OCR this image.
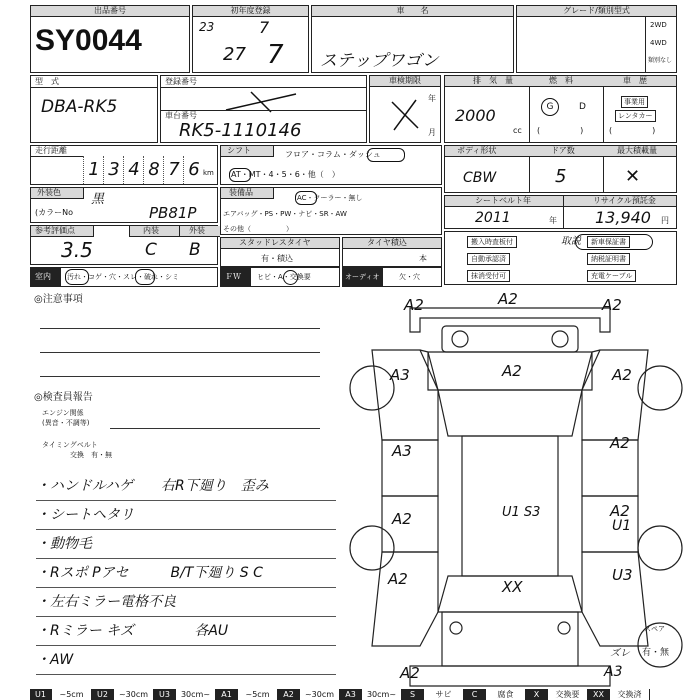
出品番号
SY0044
初年度登録
23	7
27 7
車　　名
ステップワゴン
グレード/類別型式
2WD
4WD
類別なし
型　式
DBA-RK5
登録番号
車台番号
RK5-1110146
車検期限
年
月
排　気　量	燃　料	車　歴
2000
cc
G	D
(　　　　　)
事業用
レンタカー
(　　　　　)
走行距離
1 3 4 8 7 6 km
シフト	フロア・コラム・ダッシュ
AT・MT・4・5・6・他（　）
ボディ形状	ドア数	最大積載量
CBW	5	✕
外装色 黒
(カラーNo	PB81P
装備品
AC・クーラー・無し
エアバッグ・PS・PW・ナビ・SR・AW
その他（　　　　　）
シートベルト年	リサイクル預託金
2011	年 13,940 円
参考評価点	内装	外装
3.5	C B	スタッドレスタイヤ
有・積込
タイヤ積込
本
搬入時査板付
自動承認済
抹消受付可
取説	新車保証書
納税証明書
充電ケーブル
室内 汚れ・コゲ・穴・スレ・破れ・シミ	ＦＷ ヒビ・A・交換要	オーディオ	欠・穴
◎注意事項
◎検査員報告
エンジン関係
(異音・不調等)
タイミングベルト
交換　有・無
・ハンドルハゲ　　右R下廻り　歪み
・シートヘタリ
・動物毛
・Rスポ Pアセ　　　B/T下廻り S C
・左右ミラー電格不良
・Rミラー キズ　　　　 各AU
・AW
A2	A2	A2
A3	A2	A2
A3	A2
A2	A2
U1
U1 S3
A2	U3
XX
A2	A3
スペア
有・無
ズレ
U1	~5cm	U2	~30cm	U3	30cm~	A1	~5cm	A2	~30cm	A3	30cm~	S	サビ	C	腐食	X	交換要	XX	交換済
